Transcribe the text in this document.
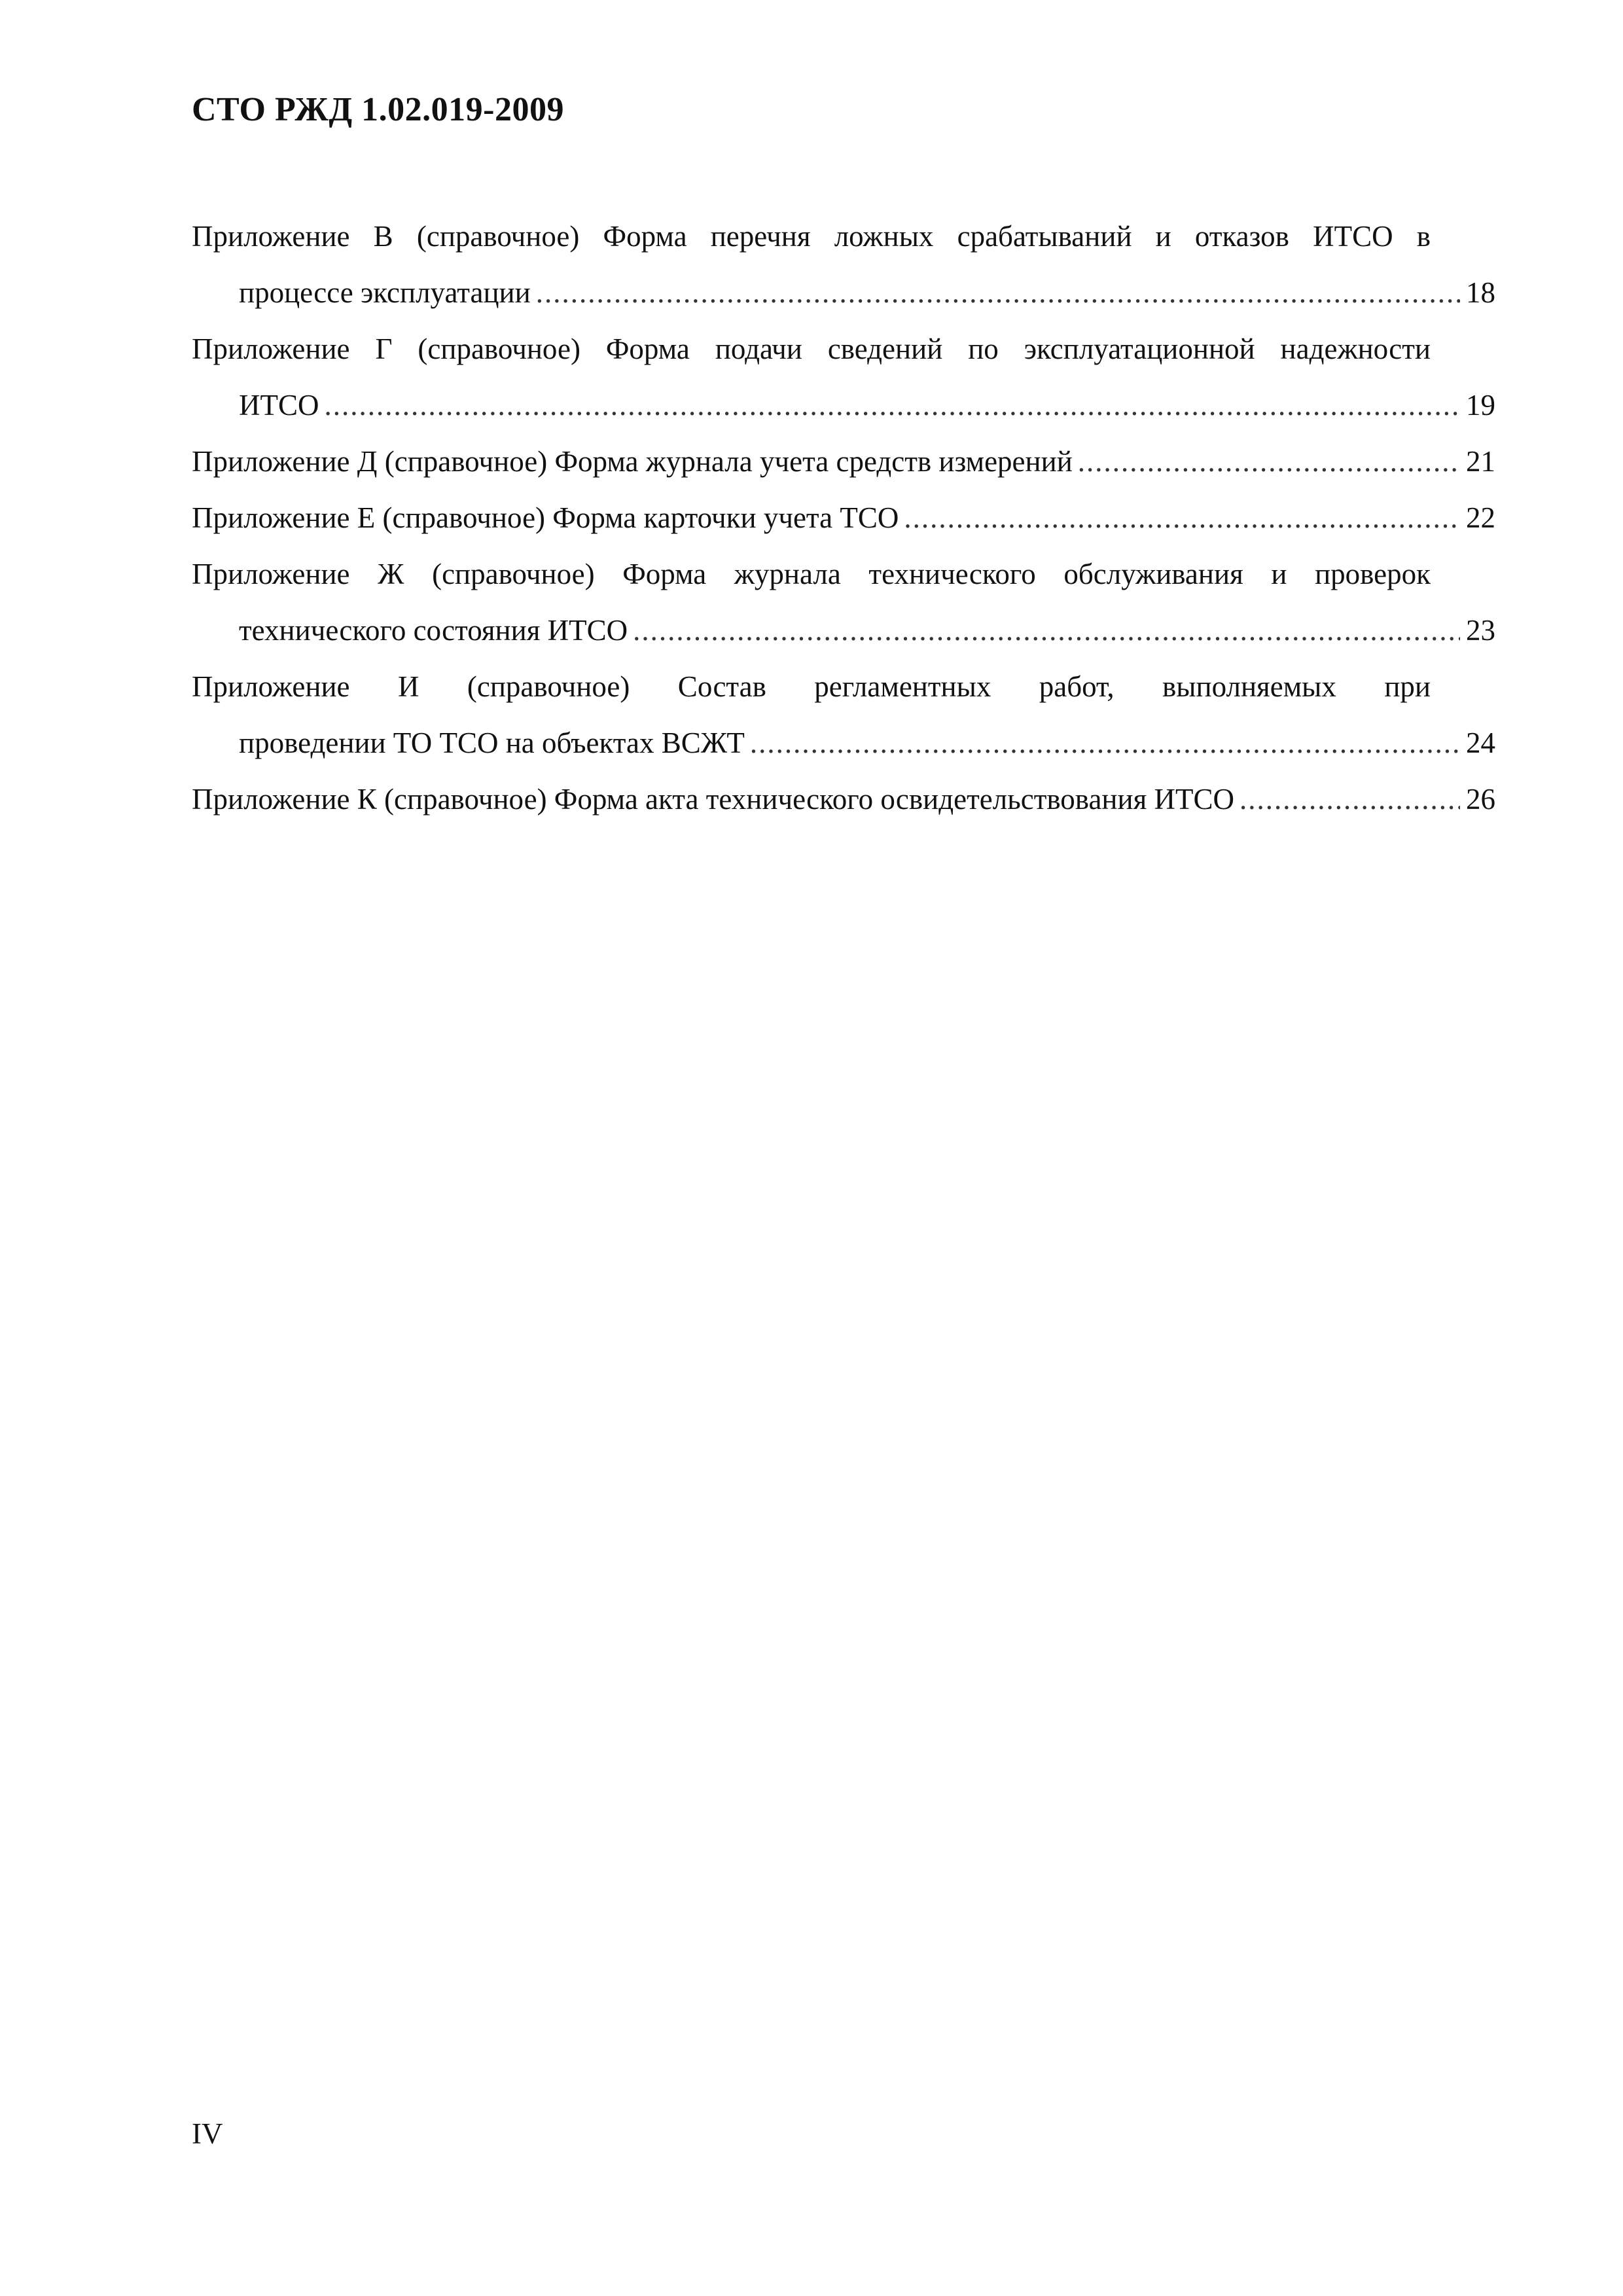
СТО РЖД 1.02.019-2009
Приложение В (справочное) Форма перечня ложных срабатываний и отказов ИТСО в
процессе эксплуатации .....	18
Приложение Г (справочное) Форма подачи сведений по эксплуатационной надежности
ИТСО .....	19
Приложение Д (справочное) Форма журнала учета средств измерений .....	21
Приложение Е (справочное) Форма карточки учета ТСО .....	22
Приложение Ж (справочное) Форма журнала технического обслуживания и проверок
технического состояния ИТСО .....	23
Приложение И (справочное) Состав регламентных работ, выполняемых при
проведении ТО ТСО на объектах ВСЖТ .....	24
Приложение К (справочное) Форма акта технического освидетельствования ИТСО .....	26
IV
